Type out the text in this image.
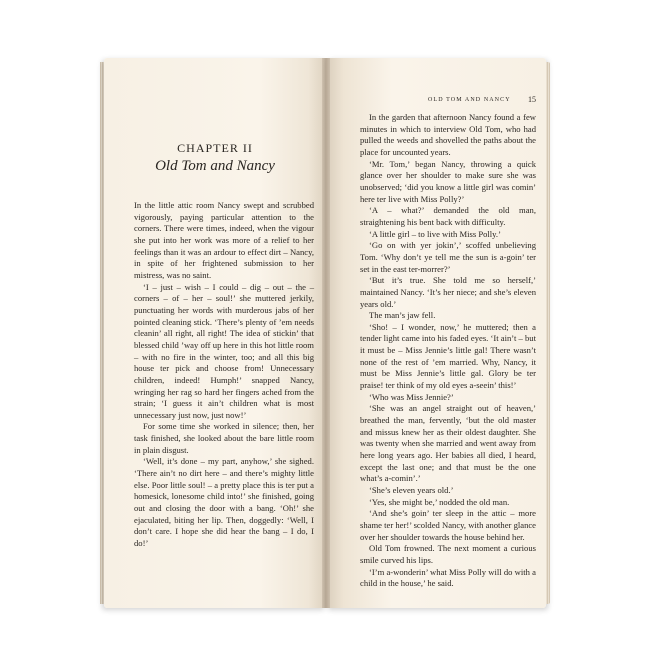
CHAPTER II
Old Tom and Nancy

In the little attic room Nancy swept and scrubbed vigorously, paying particular attention to the corners. There were times, indeed, when the vigour she put into her work was more of a relief to her feelings than it was an ardour to effect dirt – Nancy, in spite of her frightened submission to her mistress, was no saint.

‘I – just – wish – I could – dig – out – the – corners – of – her – soul!’ she muttered jerkily, punctuating her words with murderous jabs of her pointed cleaning stick. ‘There’s plenty of ’em needs cleanin’ all right, all right! The idea of stickin’ that blessed child ’way off up here in this hot little room – with no fire in the winter, too; and all this big house ter pick and choose from! Unnecessary children, indeed! Humph!’ snapped Nancy, wringing her rag so hard her fingers ached from the strain; ‘I guess it ain’t children what is most unnecessary just now, just now!’

For some time she worked in silence; then, her task finished, she looked about the bare little room in plain disgust.

‘Well, it’s done – my part, anyhow,’ she sighed. ‘There ain’t no dirt here – and there’s mighty little else. Poor little soul! – a pretty place this is ter put a homesick, lonesome child into!’ she finished, going out and closing the door with a bang. ‘Oh!’ she ejaculated, biting her lip. Then, doggedly: ‘Well, I don’t care. I hope she did hear the bang – I do, I do!’

OLD TOM AND NANCY 15

In the garden that afternoon Nancy found a few minutes in which to interview Old Tom, who had pulled the weeds and shovelled the paths about the place for uncounted years.

‘Mr. Tom,’ began Nancy, throwing a quick glance over her shoulder to make sure she was unobserved; ‘did you know a little girl was comin’ here ter live with Miss Polly?’

‘A – what?’ demanded the old man, straightening his bent back with difficulty.

‘A little girl – to live with Miss Polly.’

‘Go on with yer jokin’,’ scoffed unbelieving Tom. ‘Why don’t ye tell me the sun is a-goin’ ter set in the east ter-morrer?’

‘But it’s true. She told me so herself,’ maintained Nancy. ‘It’s her niece; and she’s eleven years old.’

The man’s jaw fell.

‘Sho! – I wonder, now,’ he muttered; then a tender light came into his faded eyes. ‘It ain’t – but it must be – Miss Jennie’s little gal! There wasn’t none of the rest of ’em married. Why, Nancy, it must be Miss Jennie’s little gal. Glory be ter praise! ter think of my old eyes a-seein’ this!’

‘Who was Miss Jennie?’

‘She was an angel straight out of heaven,’ breathed the man, fervently, ‘but the old master and missus knew her as their oldest daughter. She was twenty when she married and went away from here long years ago. Her babies all died, I heard, except the last one; and that must be the one what’s a-comin’.’

‘She’s eleven years old.’

‘Yes, she might be,’ nodded the old man.

‘And she’s goin’ ter sleep in the attic – more shame ter her!’ scolded Nancy, with another glance over her shoulder towards the house behind her.

Old Tom frowned. The next moment a curious smile curved his lips.

‘I’m a-wonderin’ what Miss Polly will do with a child in the house,’ he said.
